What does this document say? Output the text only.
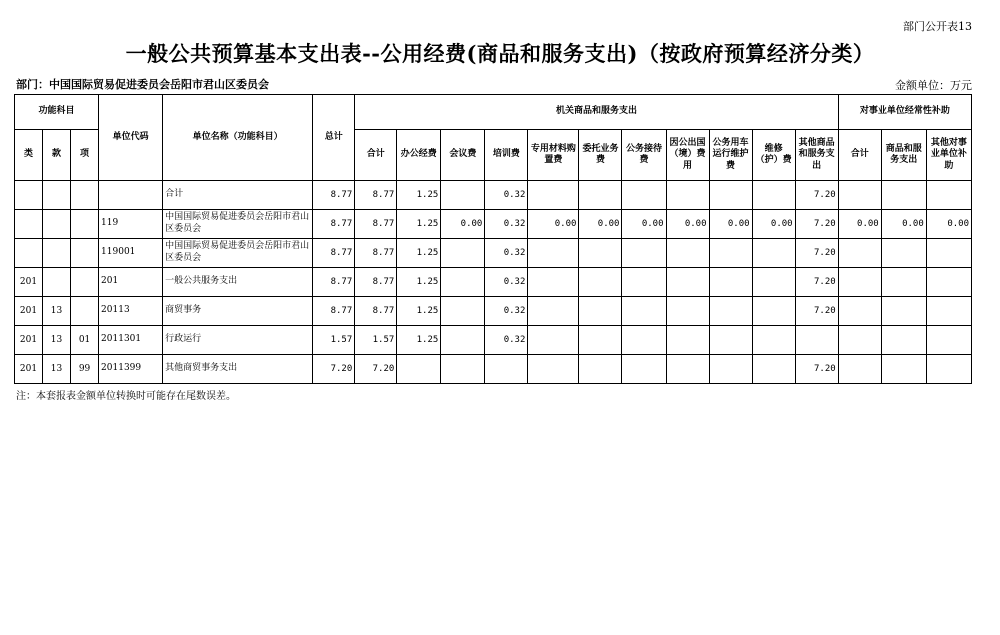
部门公开表13
一般公共预算基本支出表--公用经费(商品和服务支出)（按政府预算经济分类）
部门：中国国际贸易促进委员会岳阳市君山区委员会	金额单位：万元
功能科目			单位代码	单位名称（功能科目）	总计	机关商品和服务支出											对事业单位经常性补助		
类	款	项				合计	办公经费	会议费	培训费	专用材料购置费	委托业务费	公务接待费	因公出国（境）费用	公务用车运行维护费	维修（护）费	其他商品和服务支出	合计	商品和服务支出	其他对事业单位补助
				合计	8.77	8.77	1.25		0.32							7.20			
			119	中国国际贸易促进委员会岳阳市君山区委员会	8.77	8.77	1.25	0.00	0.32	0.00	0.00	0.00	0.00	0.00	0.00	7.20	0.00	0.00	0.00
			119001	中国国际贸易促进委员会岳阳市君山区委员会	8.77	8.77	1.25		0.32							7.20			
201			201	一般公共服务支出	8.77	8.77	1.25		0.32							7.20			
201	13		20113	商贸事务	8.77	8.77	1.25		0.32							7.20			
201	13	01	2011301	行政运行	1.57	1.57	1.25		0.32										
201	13	99	2011399	其他商贸事务支出	7.20	7.20										7.20			
注：本套报表金额单位转换时可能存在尾数误差。
